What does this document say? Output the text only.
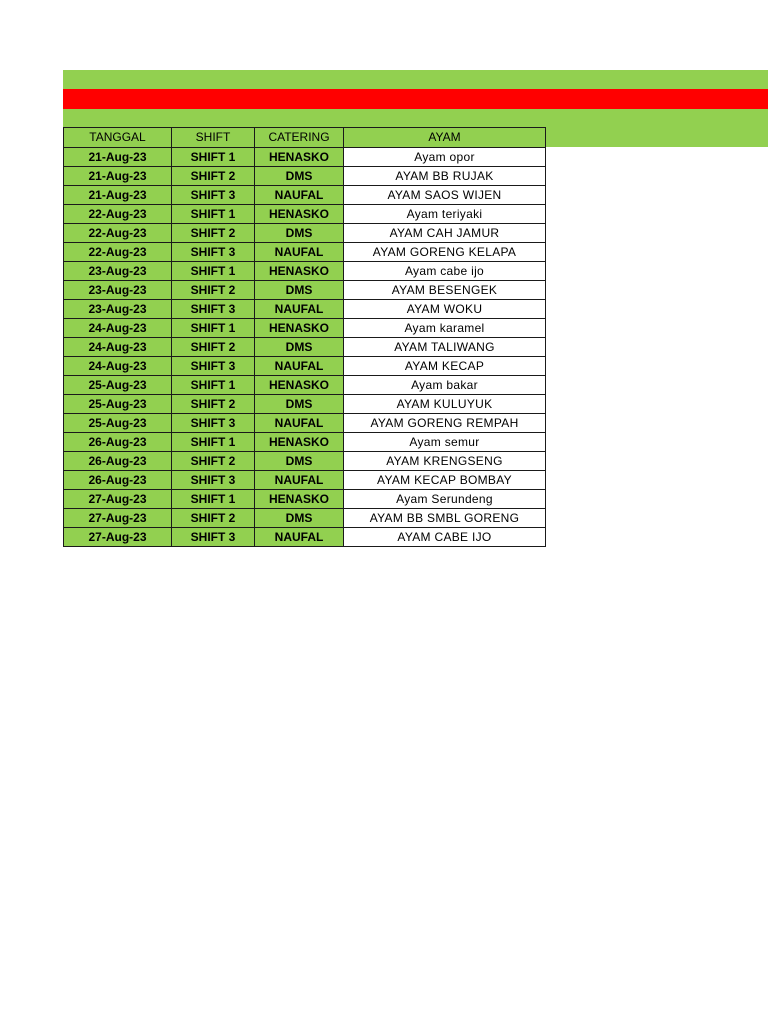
TANGGAL	SHIFT	CATERING	AYAM
21-Aug-23	SHIFT 1	HENASKO	Ayam opor
21-Aug-23	SHIFT 2	DMS	AYAM BB RUJAK
21-Aug-23	SHIFT 3	NAUFAL	AYAM SAOS WIJEN
22-Aug-23	SHIFT 1	HENASKO	Ayam teriyaki
22-Aug-23	SHIFT 2	DMS	AYAM CAH JAMUR
22-Aug-23	SHIFT 3	NAUFAL	AYAM GORENG KELAPA
23-Aug-23	SHIFT 1	HENASKO	Ayam cabe ijo
23-Aug-23	SHIFT 2	DMS	AYAM BESENGEK
23-Aug-23	SHIFT 3	NAUFAL	AYAM WOKU
24-Aug-23	SHIFT 1	HENASKO	Ayam karamel
24-Aug-23	SHIFT 2	DMS	AYAM TALIWANG
24-Aug-23	SHIFT 3	NAUFAL	AYAM KECAP
25-Aug-23	SHIFT 1	HENASKO	Ayam bakar
25-Aug-23	SHIFT 2	DMS	AYAM KULUYUK
25-Aug-23	SHIFT 3	NAUFAL	AYAM GORENG REMPAH
26-Aug-23	SHIFT 1	HENASKO	Ayam semur
26-Aug-23	SHIFT 2	DMS	AYAM KRENGSENG
26-Aug-23	SHIFT 3	NAUFAL	AYAM KECAP BOMBAY
27-Aug-23	SHIFT 1	HENASKO	Ayam Serundeng
27-Aug-23	SHIFT 2	DMS	AYAM BB SMBL GORENG
27-Aug-23	SHIFT 3	NAUFAL	AYAM CABE IJO
